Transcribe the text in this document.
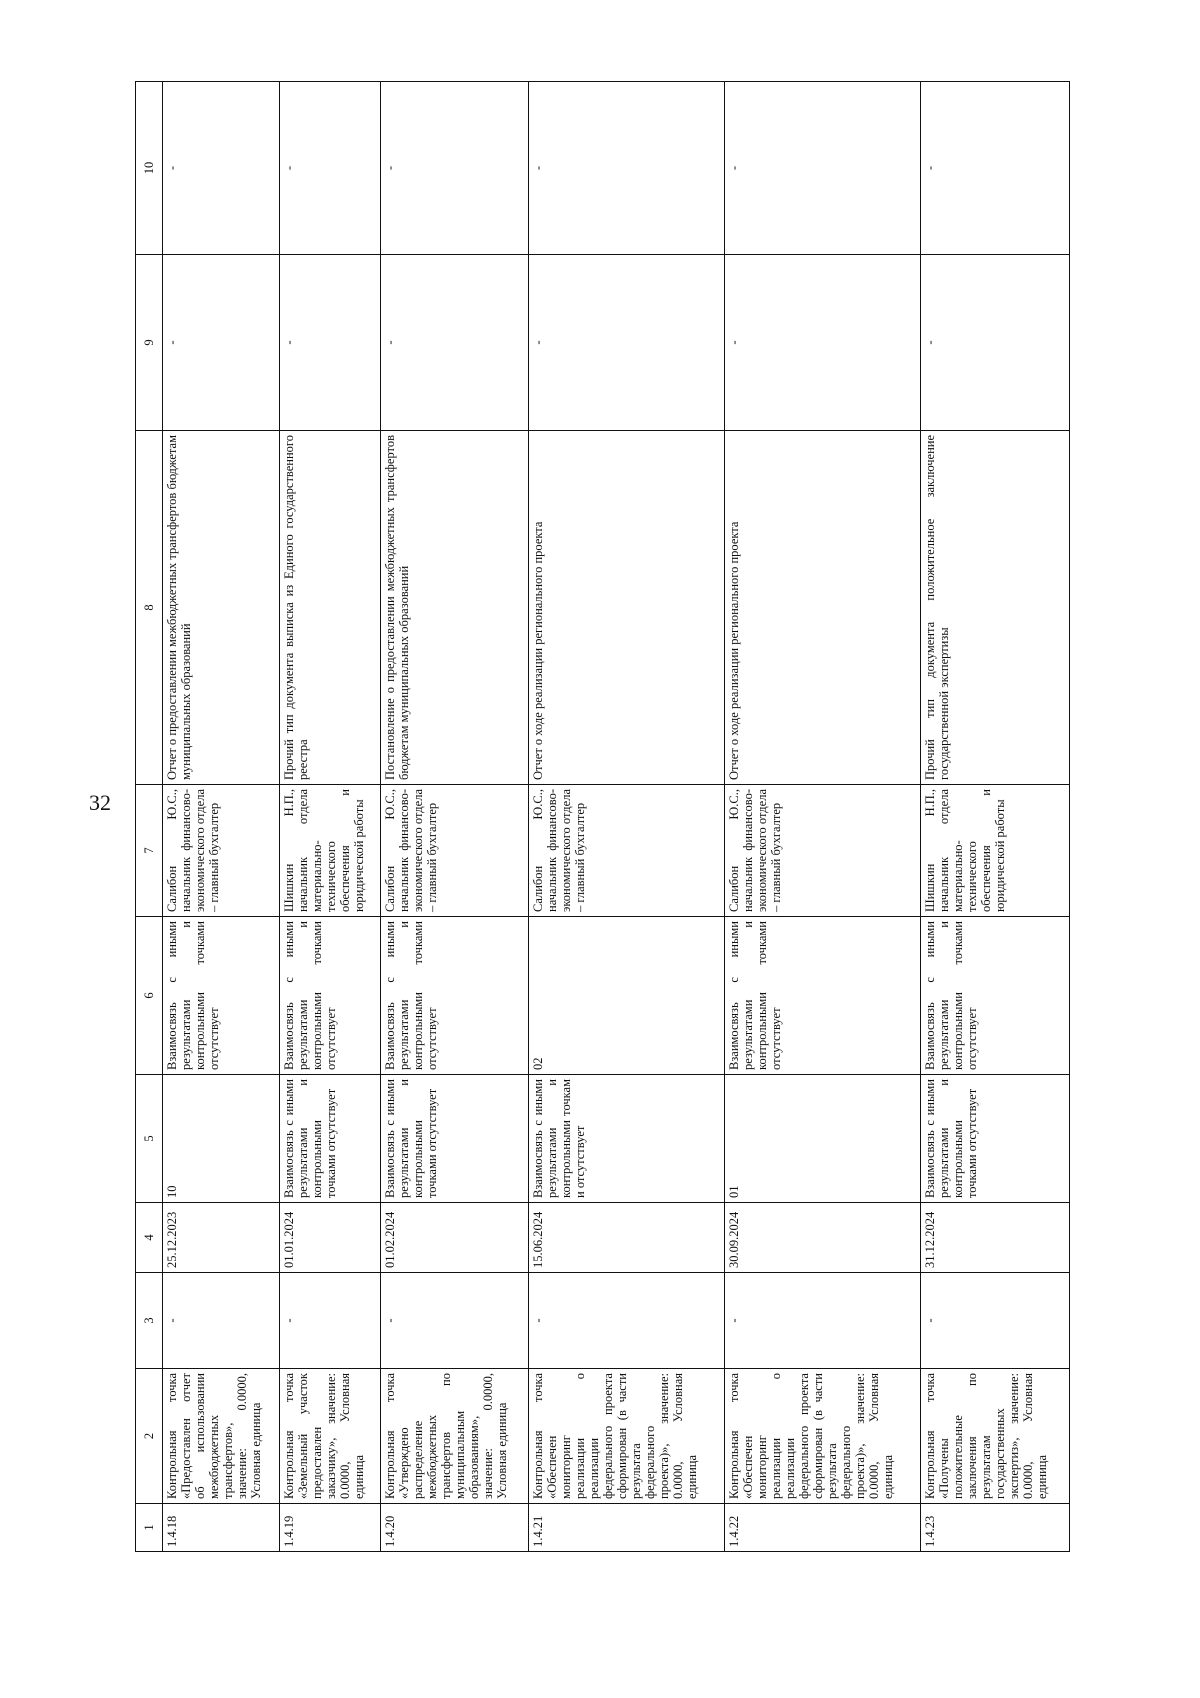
32
1	2	3	4	5	6	7	8	9	10
1.4.18	Контрольная точка «Предоставлен отчет об использовании межбюджетных трансфертов», значение: 0.0000, Условная единица	-	25.12.2023	10	Взаимосвязь с иными результатами и контрольными точками отсутствует	Салибон Ю.С., начальник финансово-экономического отдела – главный бухгалтер	Отчет о предоставлении межбюджетных трансфертов бюджетам муниципальных образований	-	-
1.4.19	Контрольная точка «Земельный участок предоставлен заказчику», значение: 0.0000, Условная единица	-	01.01.2024	Взаимосвязь с иными результатами и контрольными точками отсутствует	Взаимосвязь с иными результатами и контрольными точками отсутствует	Шишкин Н.П., начальник отдела материально-технического обеспечения и юридической работы	Прочий тип документа выписка из Единого государственного реестра	-	-
1.4.20	Контрольная точка «Утверждено распределение межбюджетных трансфертов по муниципальным образованиям», значение: 0.0000, Условная единица	-	01.02.2024	Взаимосвязь с иными результатами и контрольными точками отсутствует	Взаимосвязь с иными результатами и контрольными точками отсутствует	Салибон Ю.С., начальник финансово-экономического отдела – главный бухгалтер	Постановление о предоставлении межбюджетных трансфертов бюджетам муниципальных образований	-	-
1.4.21	Контрольная точка «Обеспечен мониторинг реализации о реализации федерального проекта сформирован (в части результата федерального проекта)», значение: 0.0000, Условная единица	-	15.06.2024	Взаимосвязь с иными результатами и контрольными точкам и отсутствует	02	Салибон Ю.С., начальник финансово-экономического отдела – главный бухгалтер	Отчет о ходе реализации регионального проекта	-	-
1.4.22	Контрольная точка «Обеспечен мониторинг реализации о реализации федерального проекта сформирован (в части результата федерального проекта)», значение: 0.0000, Условная единица	-	30.09.2024	01	Взаимосвязь с иными результатами и контрольными точками отсутствует	Салибон Ю.С., начальник финансово-экономического отдела – главный бухгалтер	Отчет о ходе реализации регионального проекта	-	-
1.4.23	Контрольная точка «Получены положительные заключения по результатам государственных экспертиз», значение: 0.0000, Условная единица	-	31.12.2024	Взаимосвязь с иными результатами и контрольными точками отсутствует	Взаимосвязь с иными результатами и контрольными точками отсутствует	Шишкин Н.П., начальник отдела материально-технического обеспечения и юридической работы	Прочий тип документа положительное заключение государственной экспертизы	-	-
